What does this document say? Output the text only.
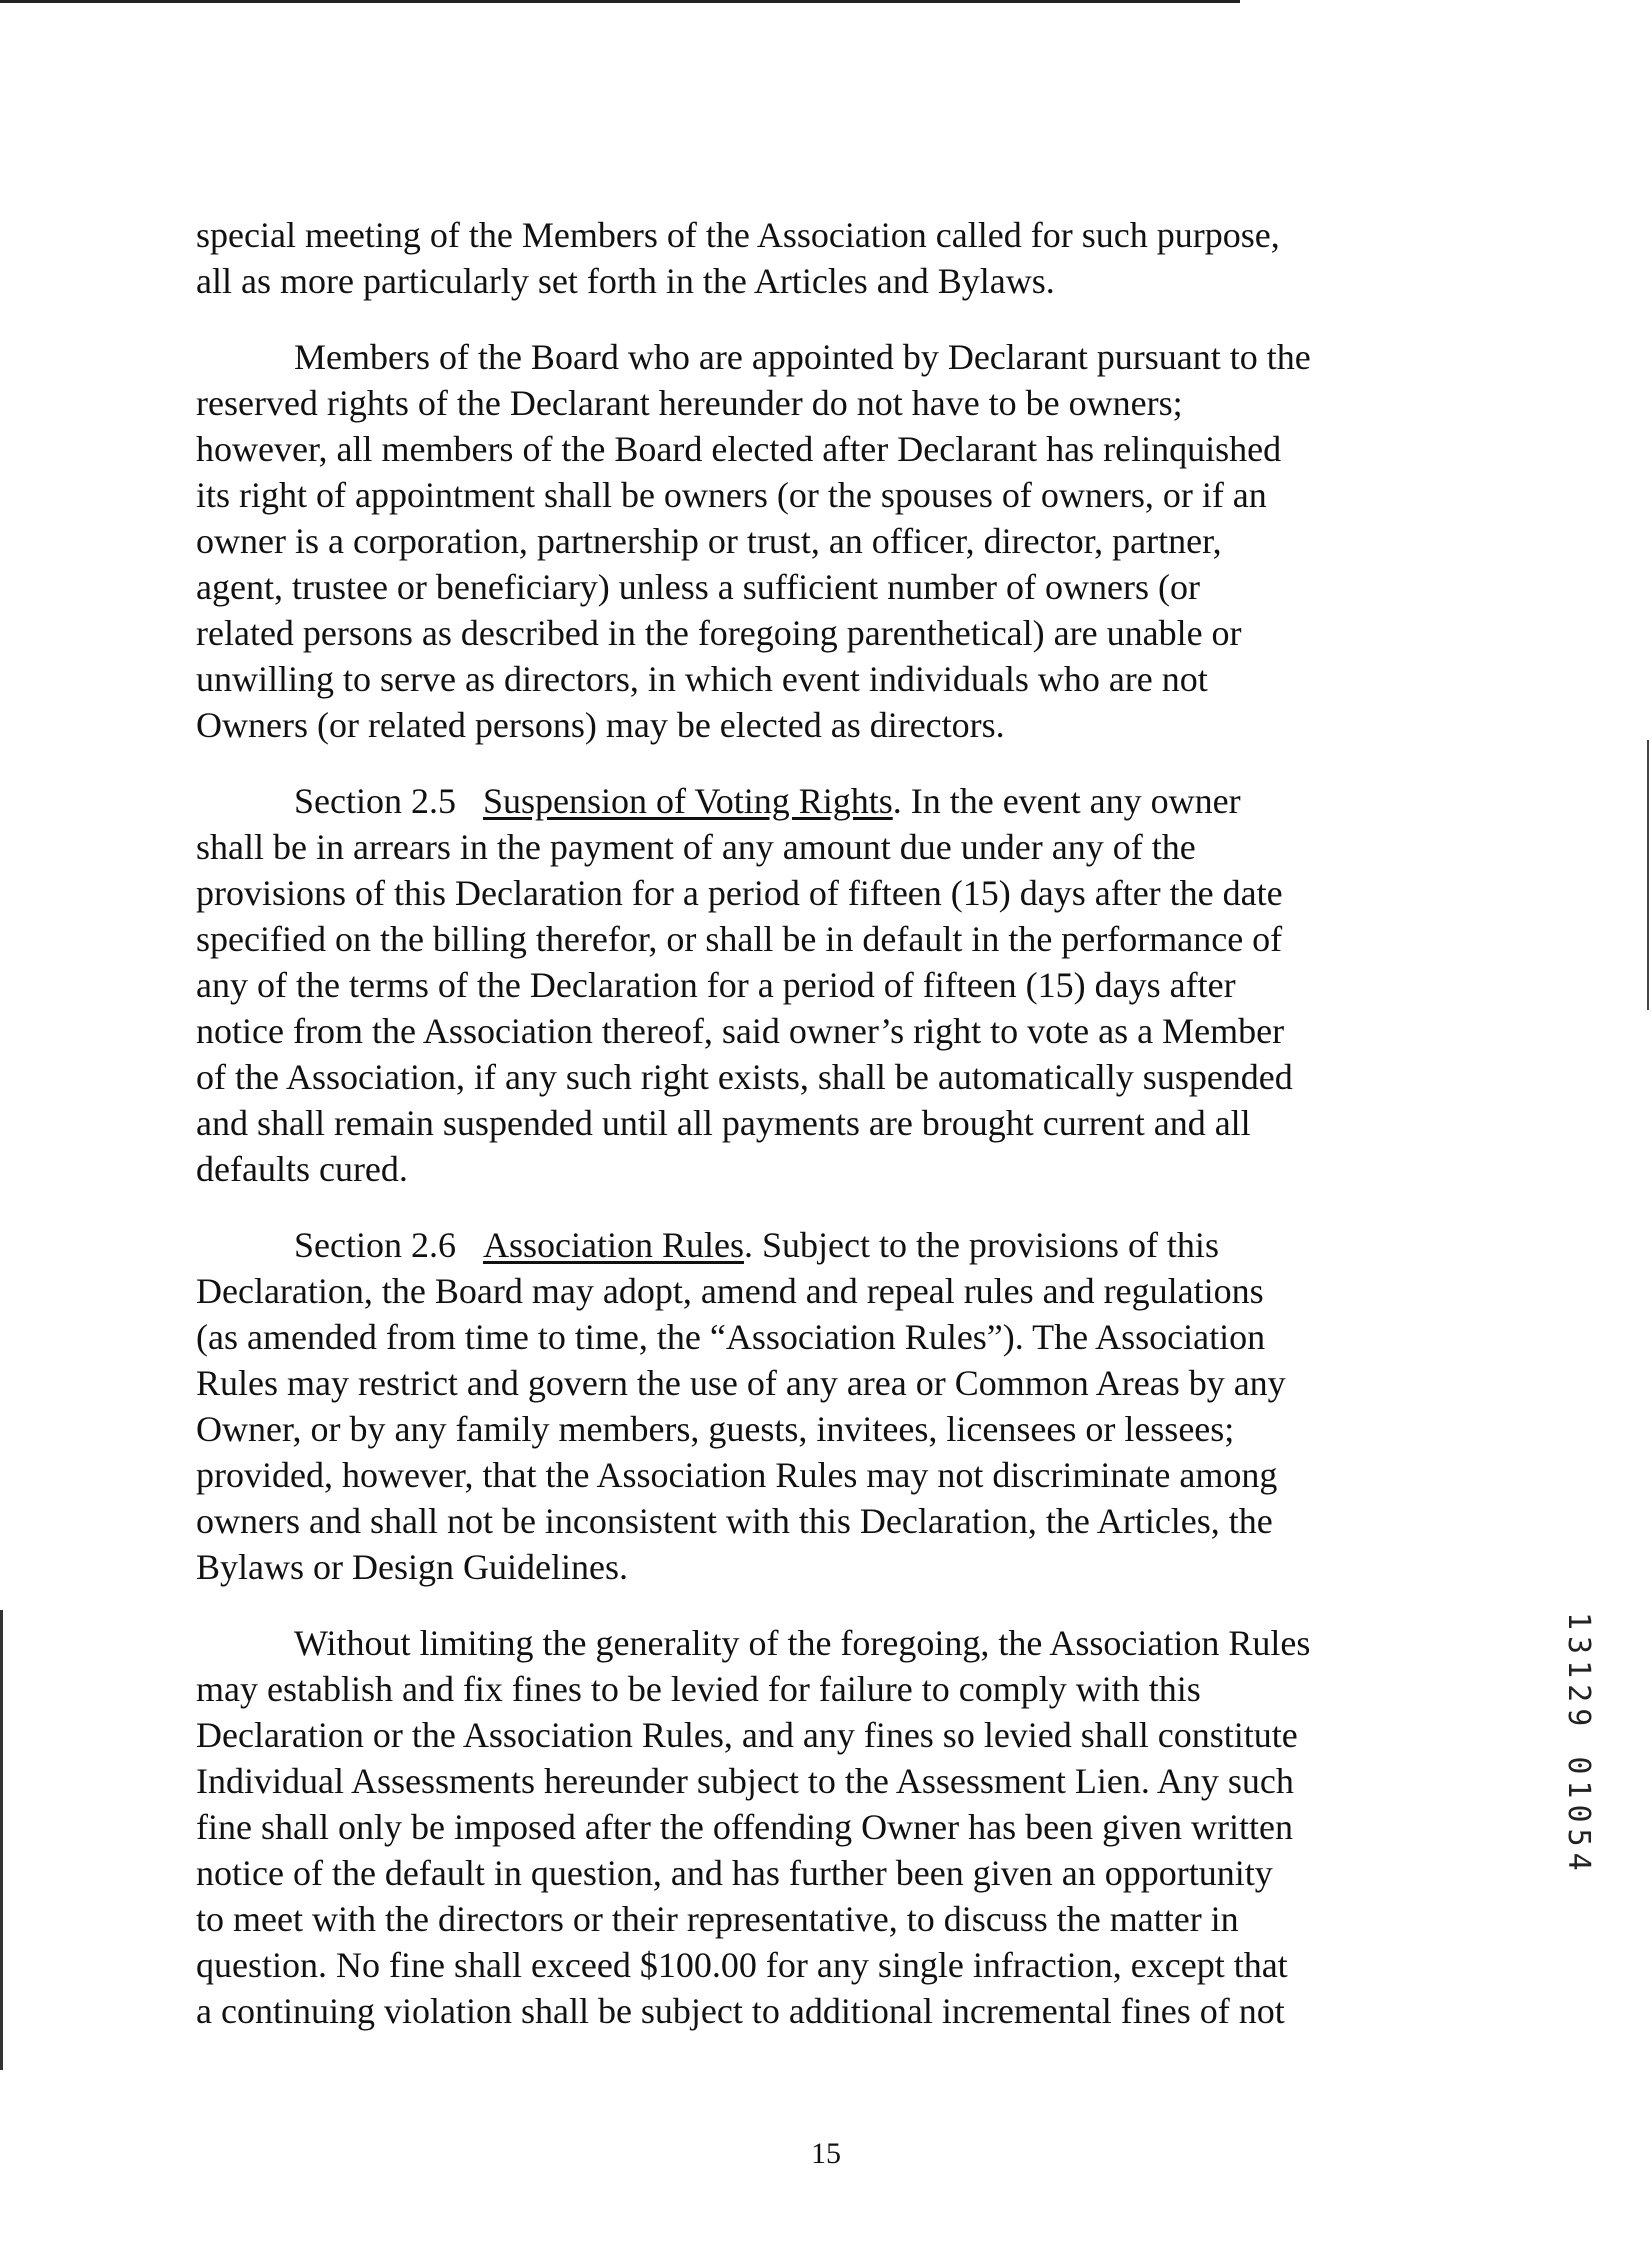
special meeting of the Members of the Association called for such purpose,
all as more particularly set forth in the Articles and Bylaws.
Members of the Board who are appointed by Declarant pursuant to the
reserved rights of the Declarant hereunder do not have to be owners;
however, all members of the Board elected after Declarant has relinquished
its right of appointment shall be owners (or the spouses of owners, or if an
owner is a corporation, partnership or trust, an officer, director, partner,
agent, trustee or beneficiary) unless a sufficient number of owners (or
related persons as described in the foregoing parenthetical) are unable or
unwilling to serve as directors, in which event individuals who are not
Owners (or related persons) may be elected as directors.
Section 2.5 Suspension of Voting Rights. In the event any owner
shall be in arrears in the payment of any amount due under any of the
provisions of this Declaration for a period of fifteen (15) days after the date
specified on the billing therefor, or shall be in default in the performance of
any of the terms of the Declaration for a period of fifteen (15) days after
notice from the Association thereof, said owner’s right to vote as a Member
of the Association, if any such right exists, shall be automatically suspended
and shall remain suspended until all payments are brought current and all
defaults cured.
Section 2.6 Association Rules. Subject to the provisions of this
Declaration, the Board may adopt, amend and repeal rules and regulations
(as amended from time to time, the “Association Rules”). The Association
Rules may restrict and govern the use of any area or Common Areas by any
Owner, or by any family members, guests, invitees, licensees or lessees;
provided, however, that the Association Rules may not discriminate among
owners and shall not be inconsistent with this Declaration, the Articles, the
Bylaws or Design Guidelines.
Without limiting the generality of the foregoing, the Association Rules
may establish and fix fines to be levied for failure to comply with this
Declaration or the Association Rules, and any fines so levied shall constitute
Individual Assessments hereunder subject to the Assessment Lien. Any such
fine shall only be imposed after the offending Owner has been given written
notice of the default in question, and has further been given an opportunity
to meet with the directors or their representative, to discuss the matter in
question. No fine shall exceed $100.00 for any single infraction, except that
a continuing violation shall be subject to additional incremental fines of not
13129 01054
15
